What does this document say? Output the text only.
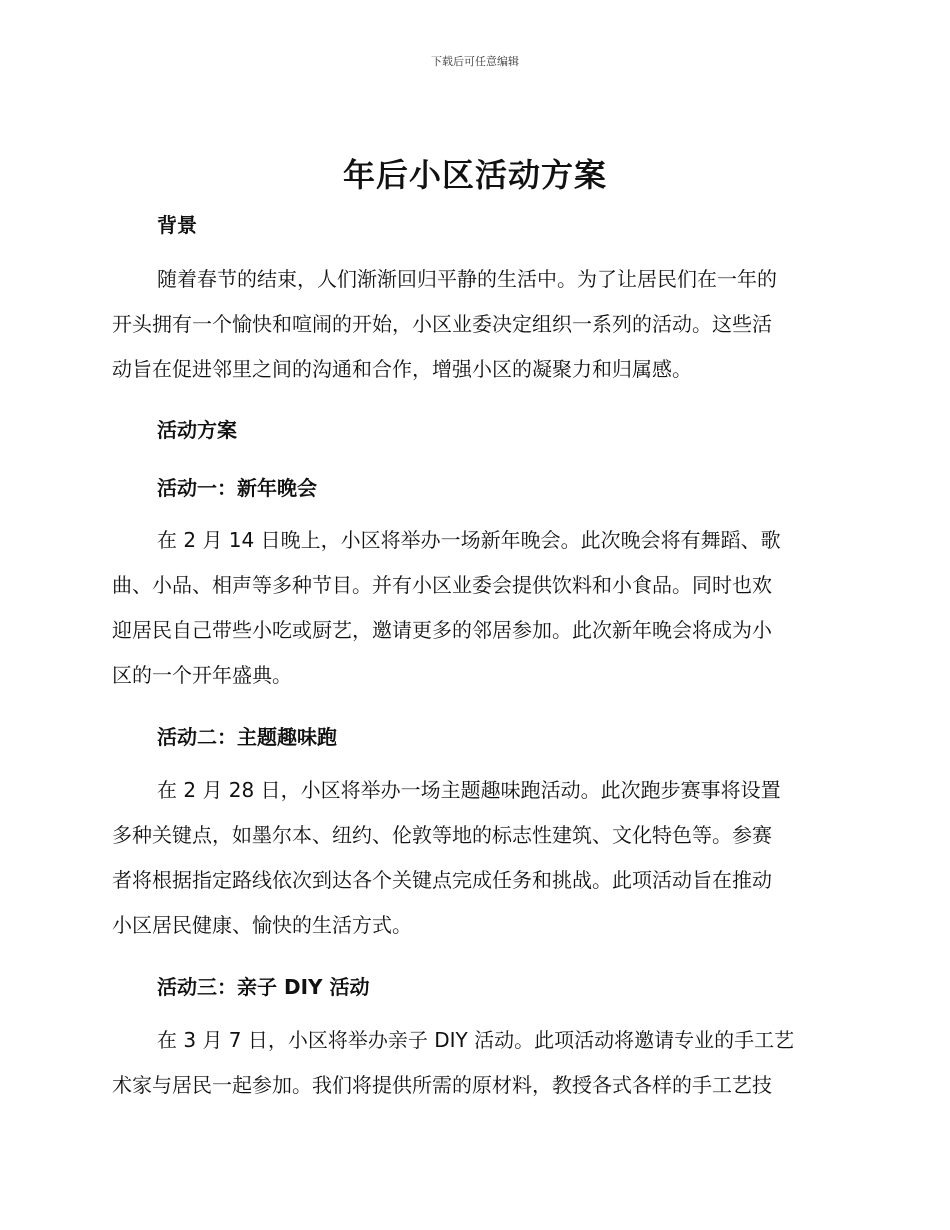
下载后可任意编辑
年后小区活动方案
背景
随着春节的结束，人们渐渐回归平静的生活中。为了让居民们在一年的
开头拥有一个愉快和喧闹的开始，小区业委决定组织一系列的活动。这些活
动旨在促进邻里之间的沟通和合作，增强小区的凝聚力和归属感。
活动方案
活动一：新年晚会
在 2 月 14 日晚上，小区将举办一场新年晚会。此次晚会将有舞蹈、歌
曲、小品、相声等多种节目。并有小区业委会提供饮料和小食品。同时也欢
迎居民自己带些小吃或厨艺，邀请更多的邻居参加。此次新年晚会将成为小
区的一个开年盛典。
活动二：主题趣味跑
在 2 月 28 日，小区将举办一场主题趣味跑活动。此次跑步赛事将设置
多种关键点，如墨尔本、纽约、伦敦等地的标志性建筑、文化特色等。参赛
者将根据指定路线依次到达各个关键点完成任务和挑战。此项活动旨在推动
小区居民健康、愉快的生活方式。
活动三：亲子 DIY 活动
在 3 月 7 日，小区将举办亲子 DIY 活动。此项活动将邀请专业的手工艺
术家与居民一起参加。我们将提供所需的原材料，教授各式各样的手工艺技
